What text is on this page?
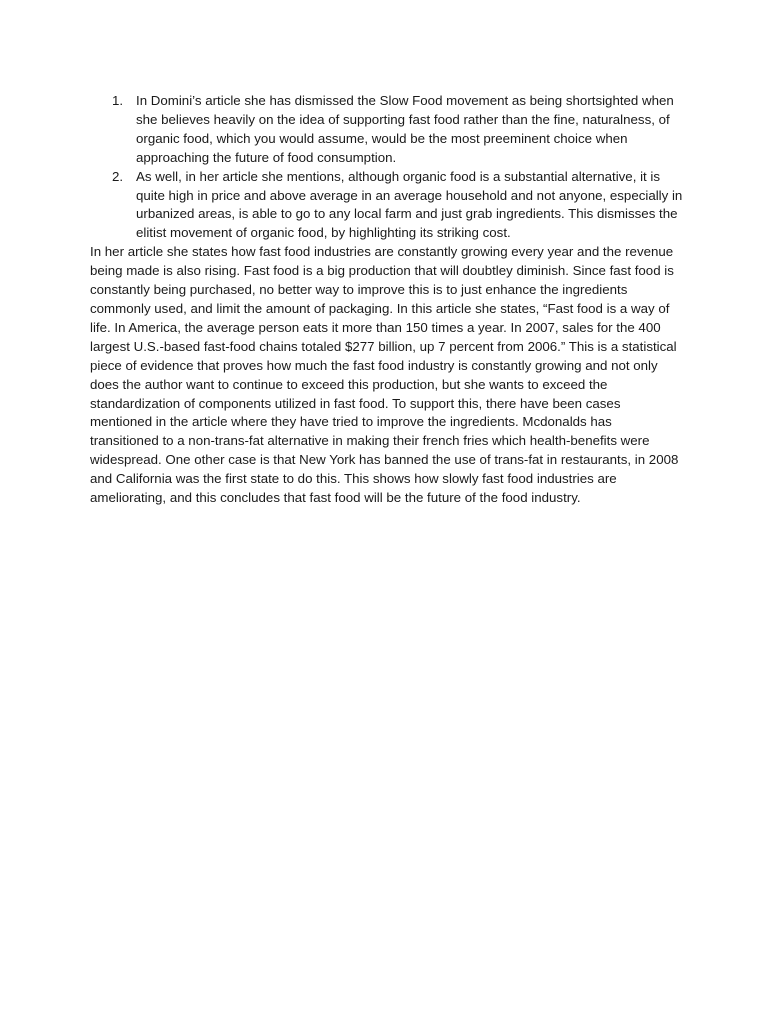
1. In Domini’s article she has dismissed the Slow Food movement as being shortsighted when she believes heavily on the idea of supporting fast food rather than the fine, naturalness, of organic food, which you would assume, would be the most preeminent choice when approaching the future of food consumption.
2. As well, in her article she mentions, although organic food is a substantial alternative, it is quite high in price and above average in an average household and not anyone, especially in urbanized areas, is able to go to any local farm and just grab ingredients. This dismisses the elitist movement of organic food, by highlighting its striking cost.

In her article she states how fast food industries are constantly growing every year and the revenue being made is also rising. Fast food is a big production that will doubtley diminish. Since fast food is constantly being purchased, no better way to improve this is to just enhance the ingredients commonly used, and limit the amount of packaging. In this article she states, “Fast food is a way of life. In America, the average person eats it more than 150 times a year. In 2007, sales for the 400 largest U.S.-based fast-food chains totaled $277 billion, up 7 percent from 2006.” This is a statistical piece of evidence that proves how much the fast food industry is constantly growing and not only does the author want to continue to exceed this production, but she wants to exceed the standardization of components utilized in fast food. To support this, there have been cases mentioned in the article where they have tried to improve the ingredients. Mcdonalds has transitioned to a non-trans-fat alternative in making their french fries which health-benefits were widespread. One other case is that New York has banned the use of trans-fat in restaurants, in 2008 and California was the first state to do this. This shows how slowly fast food industries are ameliorating, and this concludes that fast food will be the future of the food industry.
